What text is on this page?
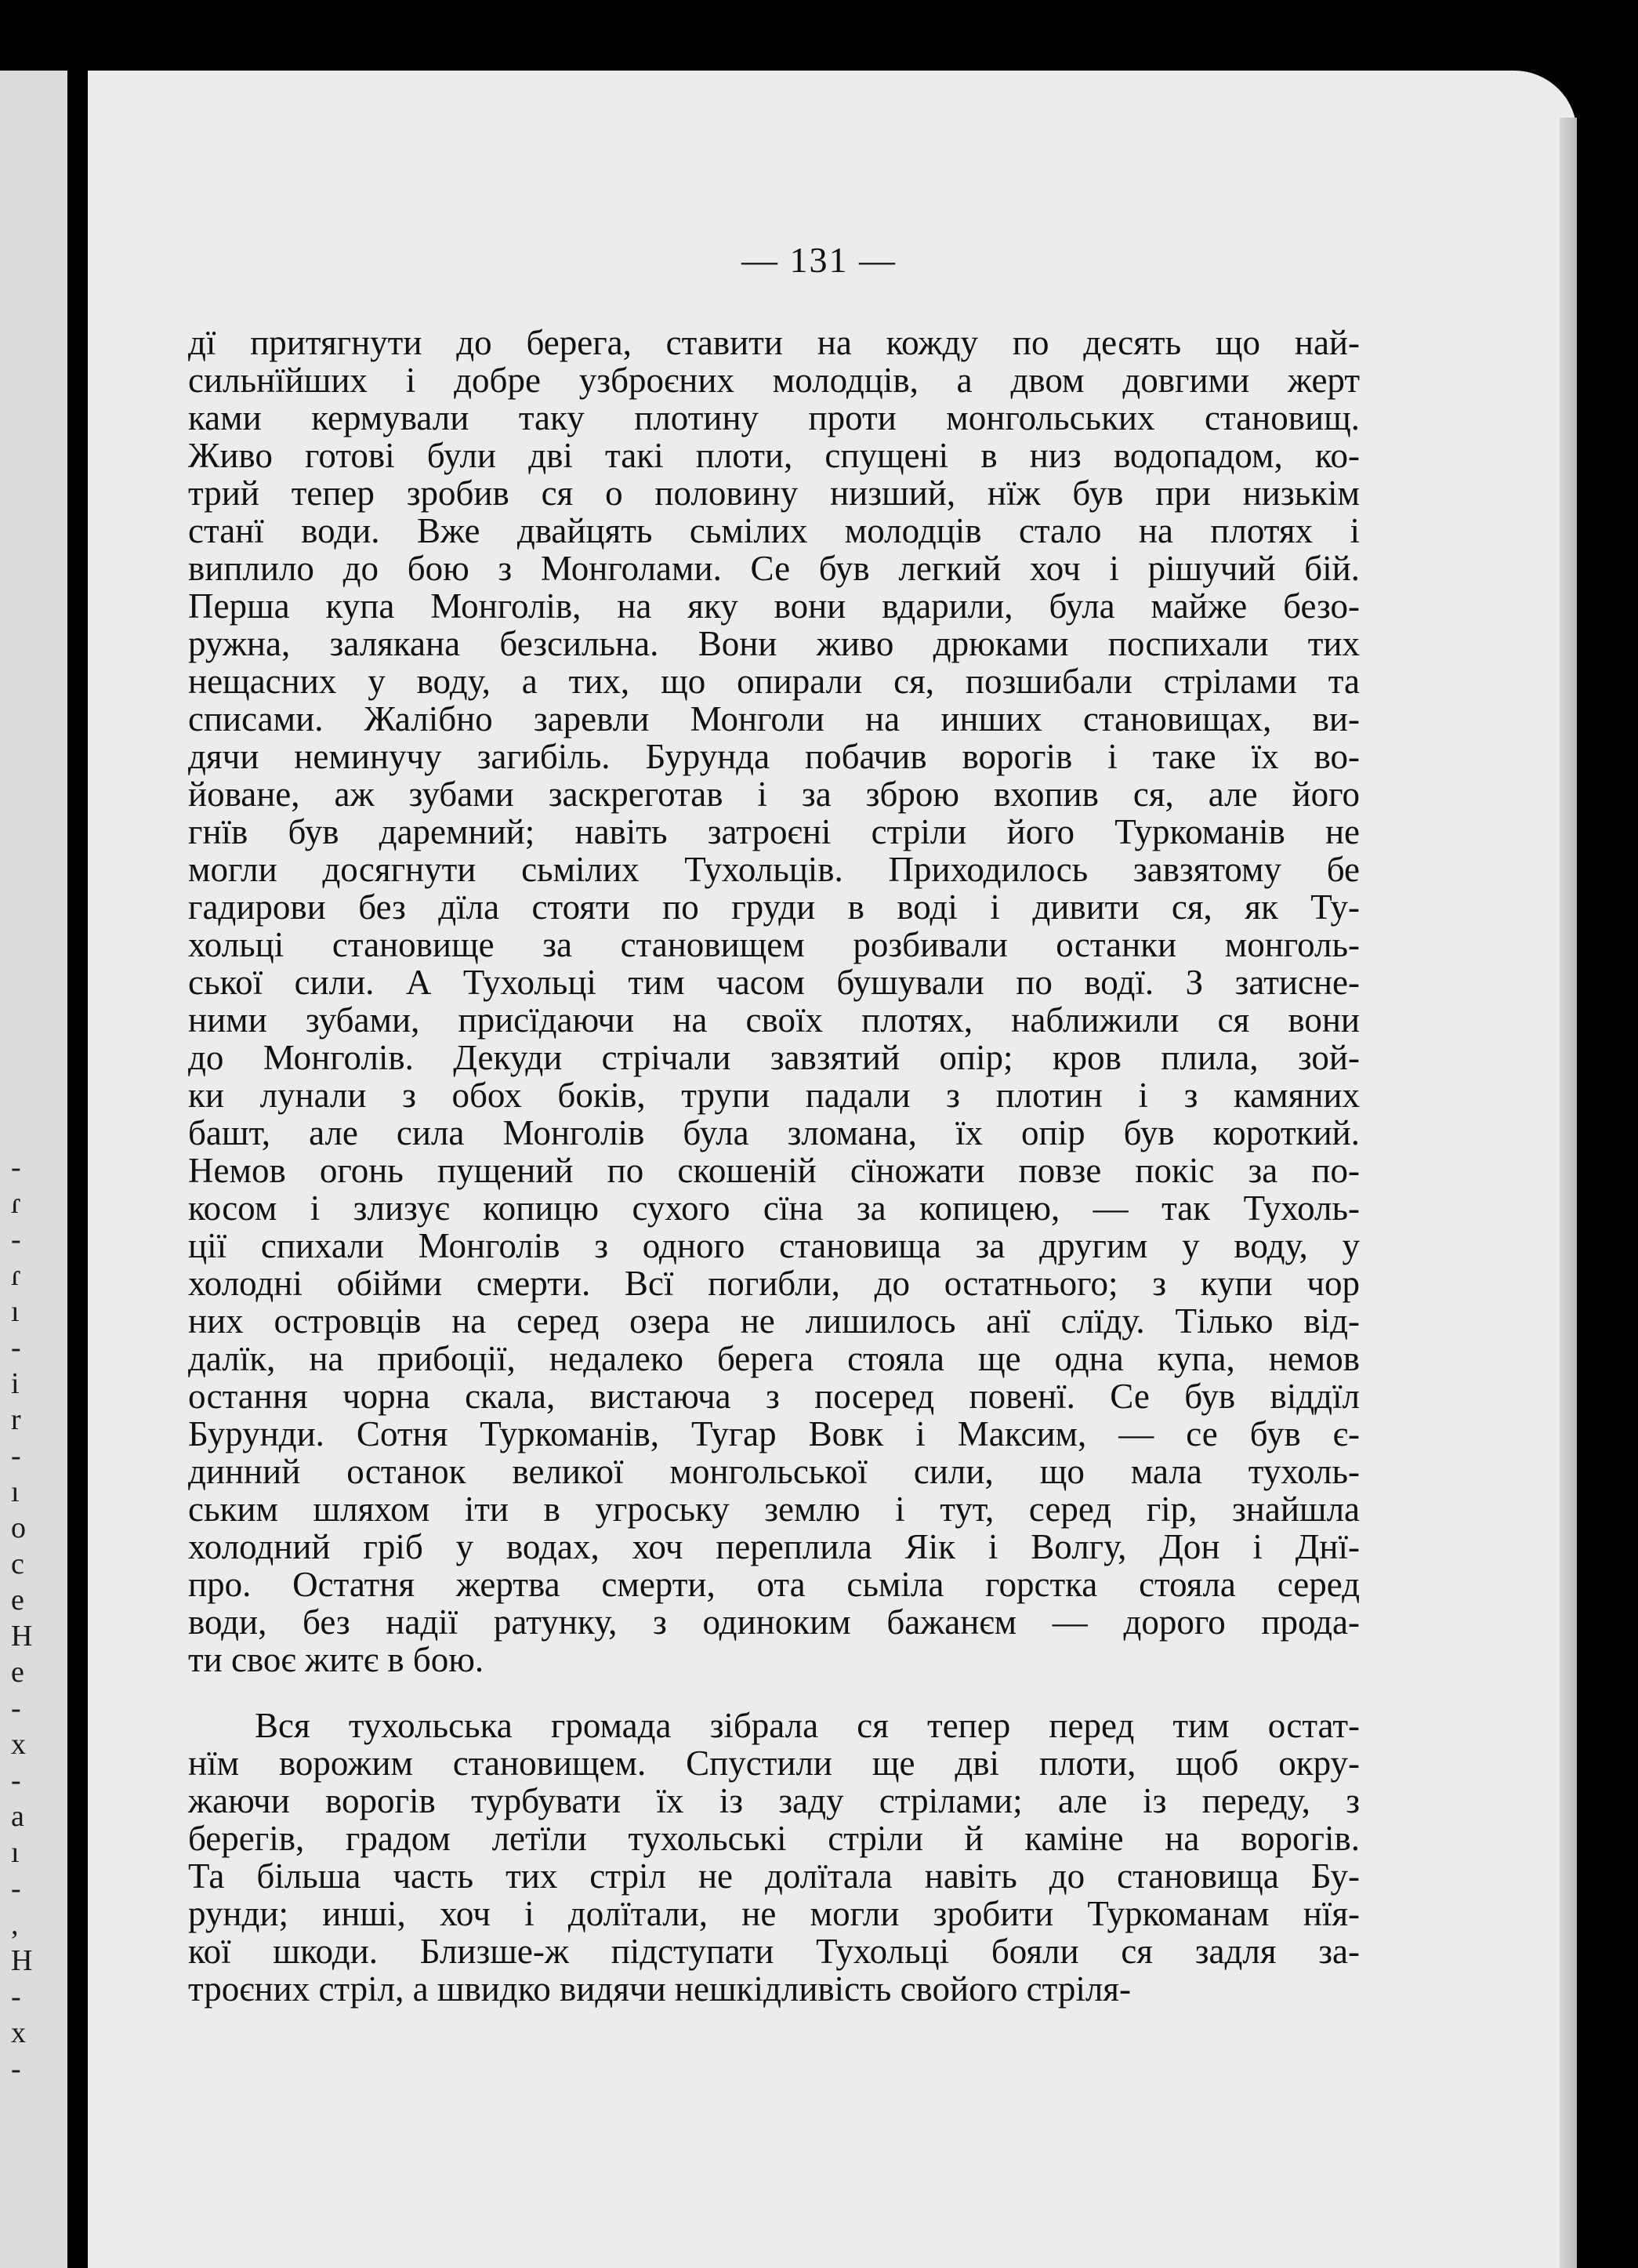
-
ɾ
-
ɾ
ı
-
i
r
-
ı
o
c
e
H
e
-
x
-
a
ı
-
,
H
-
x
-
— 131 —
дї притягнути до берега, ставити на кожду по десять що най-
сильнїйших і добре узброєних молодців, а двом довгими жерт
ками кермували таку плотину проти монгольських становищ.
Живо готові були дві такі плоти, спущені в низ водопадом, ко-
трий тепер зробив ся о половину низший, нїж був при низькім
станї води. Вже двайцять сьмілих молодців стало на плотях і
виплило до бою з Монголами. Се був легкий хоч і рішучий бій.
Перша купа Монголів, на яку вони вдарили, була майже безо-
ружна, залякана безсильна. Вони живо дрюками поспихали тих
нещасних у воду, а тих, що опирали ся, позшибали стрілами та
списами. Жалібно заревли Монголи на инших становищах, ви-
дячи неминучу загибіль. Бурунда побачив ворогів і таке їх во-
йоване, аж зубами заскреготав і за зброю вхопив ся, але його
гнїв був даремний; навіть затроєні стріли його Туркоманів не
могли досягнути сьмілих Тухольців. Приходилось завзятому бе
гадирови без дїла стояти по груди в воді і дивити ся, як Ту-
хольці становище за становищем розбивали останки монголь-
ської сили. А Тухольці тим часом бушували по водї. З затисне-
ними зубами, присїдаючи на своїх плотях, наближили ся вони
до Монголів. Декуди стрічали завзятий опір; кров плила, зой-
ки лунали з обох боків, трупи падали з плотин і з камяних
башт, але сила Монголів була зломана, їх опір був короткий.
Немов огонь пущений по скошеній сїножати повзе покіс за по-
косом і злизує копицю сухого сїна за копицею, — так Тухоль-
ції спихали Монголів з одного становища за другим у воду, у
холодні обійми смерти. Всї погибли, до остатнього; з купи чор
них островців на серед озера не лишилось анї слїду. Тілько від-
далїк, на прибоції, недалеко берега стояла ще одна купа, немов
остання чорна скала, вистаюча з посеред повенї. Се був віддїл
Бурунди. Сотня Туркоманів, Тугар Вовк і Максим, — се був є-
динний останок великої монгольської сили, що мала тухоль-
ським шляхом іти в угроську землю і тут, серед гір, знайшла
холодний гріб у водах, хоч переплила Яік і Волгу, Дон і Днї-
про. Остатня жертва смерти, ота сьміла горстка стояла серед
води, без надії ратунку, з одиноким бажанєм — дорого прода-
ти своє житє в бою.
Вся тухольська громада зібрала ся тепер перед тим остат-
нїм ворожим становищем. Спустили ще дві плоти, щоб окру-
жаючи ворогів турбувати їх із заду стрілами; але із переду, з
берегів, градом летїли тухольські стріли й каміне на ворогів.
Та більша часть тих стріл не долїтала навіть до становища Бу-
рунди; инші, хоч і долїтали, не могли зробити Туркоманам нїя-
кої шкоди. Близше-ж підступати Тухольці бояли ся задля за-
троєних стріл, а швидко видячи нешкідливість свойого стріля-
